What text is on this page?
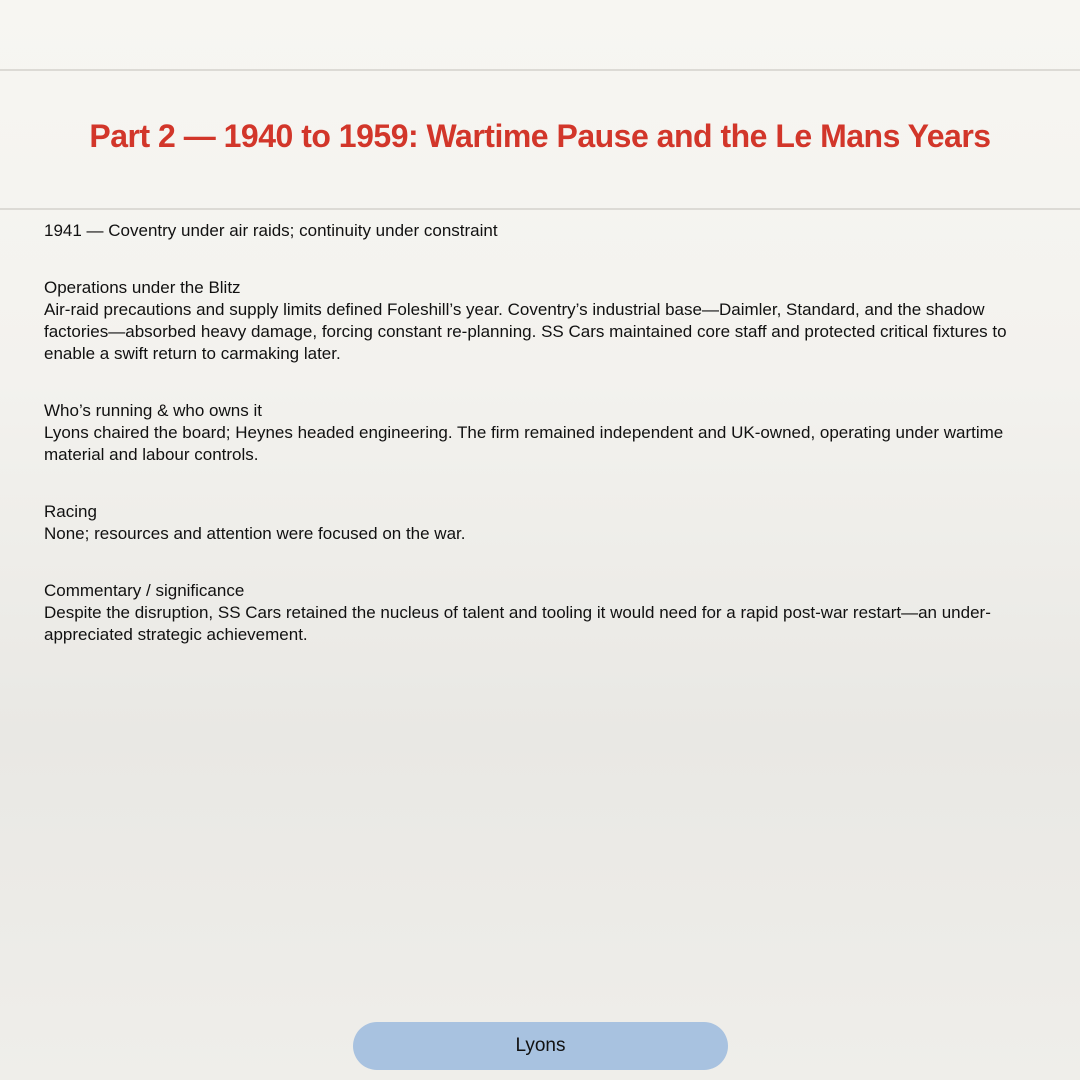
Part 2 — 1940 to 1959: Wartime Pause and the Le Mans Years

1941 — Coventry under air raids; continuity under constraint

Operations under the Blitz
Air-raid precautions and supply limits defined Foleshill’s year. Coventry’s industrial base—Daimler, Standard, and the shadow factories—absorbed heavy damage, forcing constant re-planning. SS Cars maintained core staff and protected critical fixtures to enable a swift return to carmaking later.
Who’s running & who owns it
Lyons chaired the board; Heynes headed engineering. The firm remained independent and UK-owned, operating under wartime material and labour controls.
Racing
None; resources and attention were focused on the war.
Commentary / significance
Despite the disruption, SS Cars retained the nucleus of talent and tooling it would need for a rapid post-war restart—an under-appreciated strategic achievement.
Lyons
